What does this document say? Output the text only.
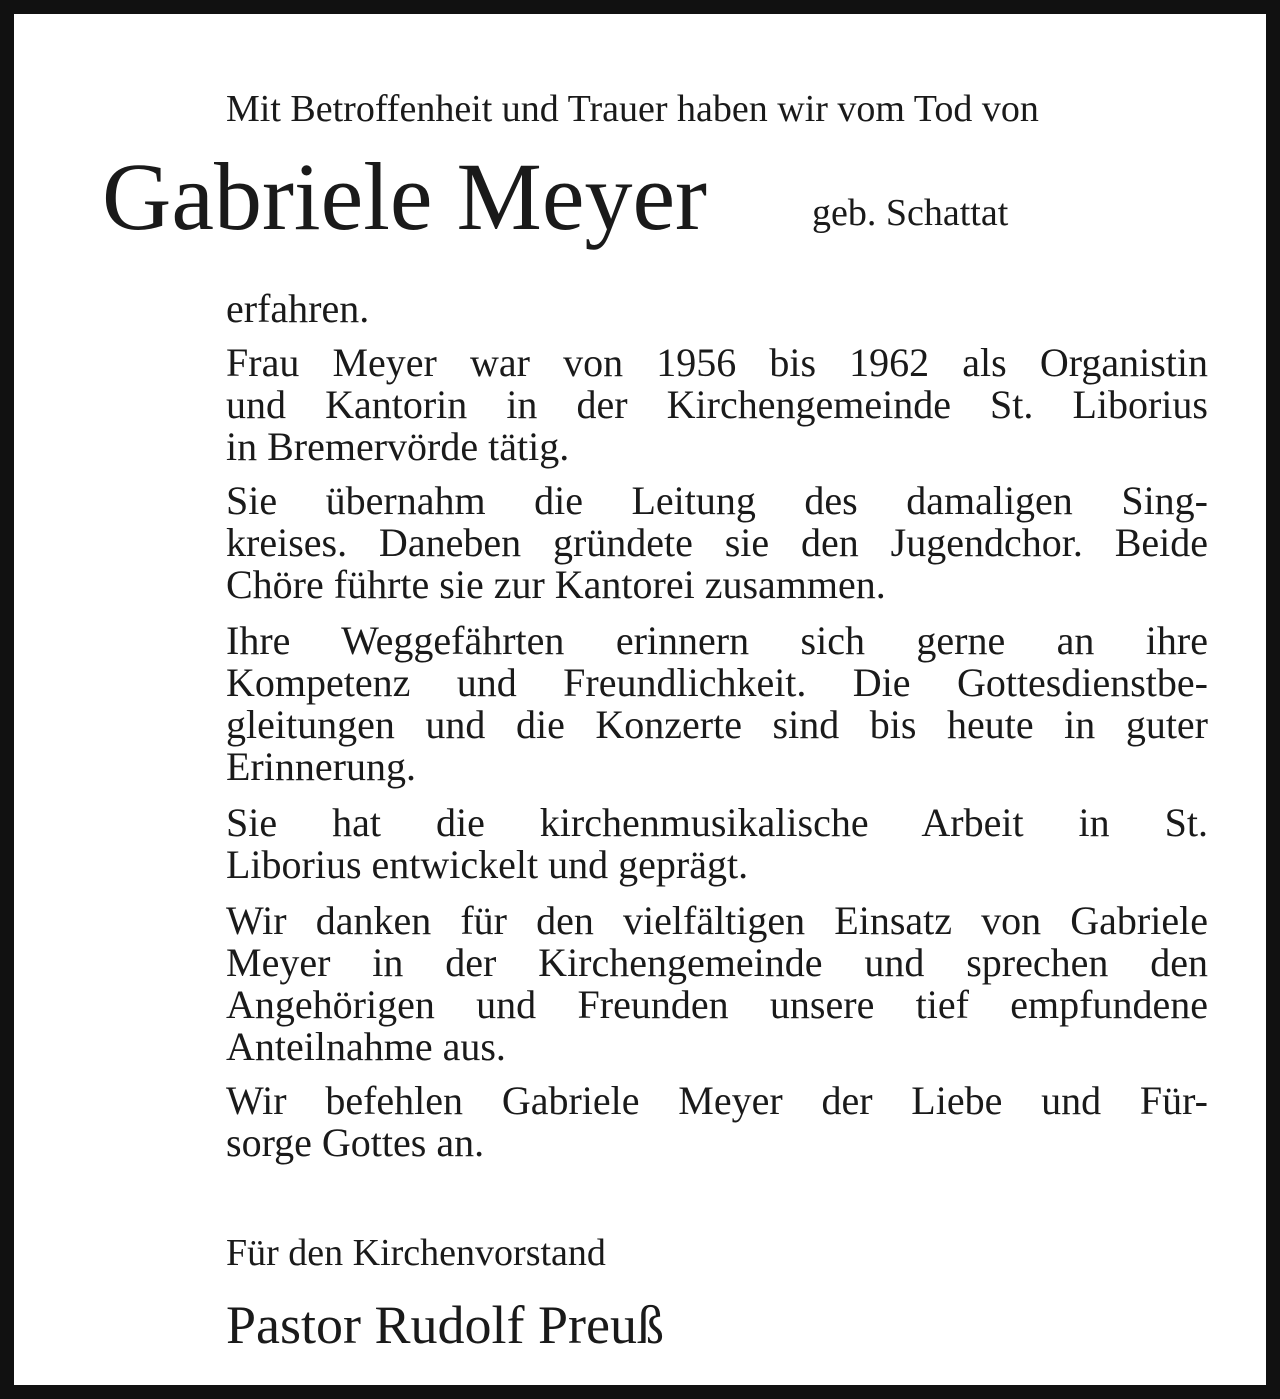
Mit Betroffenheit und Trauer haben wir vom Tod von

Gabriele Meyer	geb. Schattat

erfahren.
Frau Meyer war von 1956 bis 1962 als Organistin
und Kantorin in der Kirchengemeinde St. Liborius
in Bremervörde tätig.
Sie übernahm die Leitung des damaligen Sing-
kreises. Daneben gründete sie den Jugendchor. Beide
Chöre führte sie zur Kantorei zusammen.
Ihre Weggefährten erinnern sich gerne an ihre
Kompetenz und Freundlichkeit. Die Gottesdienstbe-
gleitungen und die Konzerte sind bis heute in guter
Erinnerung.
Sie hat die kirchenmusikalische Arbeit in St.
Liborius entwickelt und geprägt.
Wir danken für den vielfältigen Einsatz von Gabriele
Meyer in der Kirchengemeinde und sprechen den
Angehörigen und Freunden unsere tief empfundene
Anteilnahme aus.
Wir befehlen Gabriele Meyer der Liebe und Für-
sorge Gottes an.

Für den Kirchenvorstand

Pastor Rudolf Preuß
